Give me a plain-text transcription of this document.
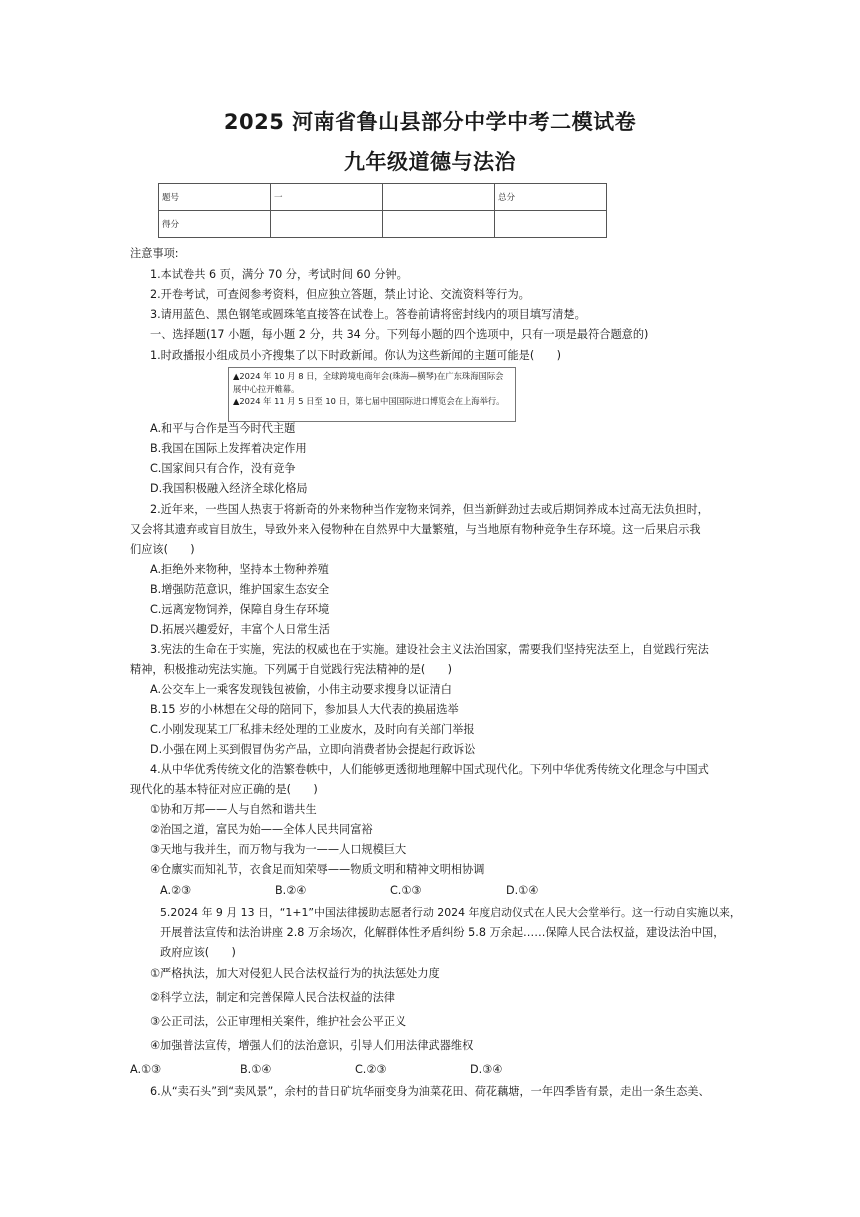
2025 河南省鲁山县部分中学中考二模试卷
九年级道德与法治
题号	一		总分
得分			
注意事项:
1.本试卷共 6 页，满分 70 分，考试时间 60 分钟。
2.开卷考试，可查阅参考资料，但应独立答题，禁止讨论、交流资料等行为。
3.请用蓝色、黑色钢笔或圆珠笔直接答在试卷上。答卷前请将密封线内的项目填写清楚。
一、选择题(17 小题，每小题 2 分，共 34 分。下列每小题的四个选项中，只有一项是最符合题意的)
1.时政播报小组成员小齐搜集了以下时政新闻。你认为这些新闻的主题可能是(　　)
▲2024 年 10 月 8 日，全球跨境电商年会(珠海—横琴)在广东珠海国际会展中心拉开帷幕。
▲2024 年 11 月 5 日至 10 日，第七届中国国际进口博览会在上海举行。
A.和平与合作是当今时代主题
B.我国在国际上发挥着决定作用
C.国家间只有合作，没有竞争
D.我国积极融入经济全球化格局
2.近年来，一些国人热衷于将新奇的外来物种当作宠物来饲养，但当新鲜劲过去或后期饲养成本过高无法负担时，
又会将其遗弃或盲目放生，导致外来入侵物种在自然界中大量繁殖，与当地原有物种竞争生存环境。这一后果启示我
们应该(　　)
A.拒绝外来物种，坚持本土物种养殖
B.增强防范意识，维护国家生态安全
C.远离宠物饲养，保障自身生存环境
D.拓展兴趣爱好，丰富个人日常生活
3.宪法的生命在于实施，宪法的权威也在于实施。建设社会主义法治国家，需要我们坚持宪法至上，自觉践行宪法
精神，积极推动宪法实施。下列属于自觉践行宪法精神的是(　　)
A.公交车上一乘客发现钱包被偷，小伟主动要求搜身以证清白
B.15 岁的小林想在父母的陪同下，参加县人大代表的换届选举
C.小刚发现某工厂私排未经处理的工业废水，及时向有关部门举报
D.小强在网上买到假冒伪劣产品，立即向消费者协会提起行政诉讼
4.从中华优秀传统文化的浩繁卷帙中，人们能够更透彻地理解中国式现代化。下列中华优秀传统文化理念与中国式
现代化的基本特征对应正确的是(　　)
①协和万邦——人与自然和谐共生
②治国之道，富民为始——全体人民共同富裕
③天地与我并生，而万物与我为一——人口规模巨大
④仓廪实而知礼节，衣食足而知荣辱——物质文明和精神文明相协调
A.②③	B.②④	C.①③	D.①④
5.2024 年 9 月 13 日，“1+1”中国法律援助志愿者行动 2024 年度启动仪式在人民大会堂举行。这一行动自实施以来，
开展普法宣传和法治讲座 2.8 万余场次，化解群体性矛盾纠纷 5.8 万余起……保障人民合法权益，建设法治中国，
政府应该(　　)
①严格执法，加大对侵犯人民合法权益行为的执法惩处力度
②科学立法，制定和完善保障人民合法权益的法律
③公正司法，公正审理相关案件，维护社会公平正义
④加强普法宣传，增强人们的法治意识，引导人们用法律武器维权
A.①③	B.①④	C.②③	D.③④
6.从“卖石头”到“卖风景”，余村的昔日矿坑华丽变身为油菜花田、荷花藕塘，一年四季皆有景，走出一条生态美、
